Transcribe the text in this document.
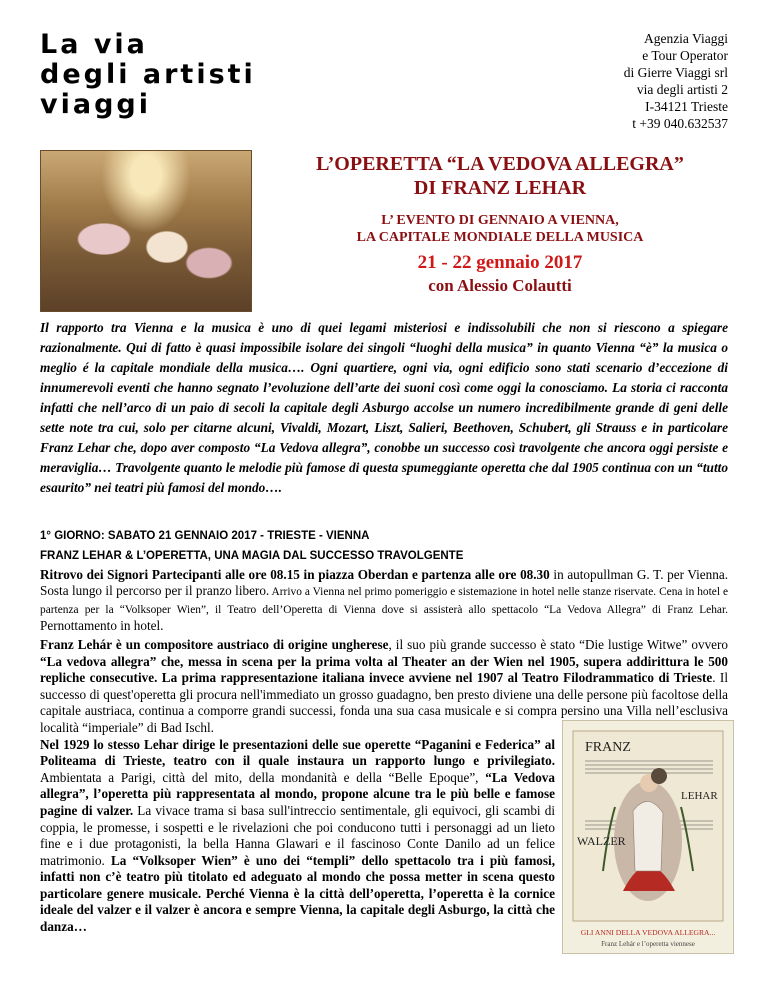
La via
degli artisti
viaggi
Agenzia Viaggi
e Tour Operator
di Gierre Viaggi srl
via degli artisti 2
I-34121 Trieste
t +39 040.632537
L’OPERETTA “LA VEDOVA ALLEGRA”
DI FRANZ LEHAR
L’ EVENTO DI GENNAIO A VIENNA,
LA CAPITALE MONDIALE DELLA MUSICA
21 - 22 gennaio 2017
con Alessio Colautti
Il rapporto tra Vienna e la musica è uno di quei legami misteriosi e indissolubili che non si riescono a spiegare razionalmente. Qui di fatto è quasi impossibile isolare dei singoli “luoghi della musica” in quanto Vienna “è” la musica o meglio é la capitale mondiale della musica…. Ogni quartiere, ogni via, ogni edificio sono stati scenario d’eccezione di innumerevoli eventi che hanno segnato l’evoluzione dell’arte dei suoni così come oggi la conosciamo. La storia ci racconta infatti che nell’arco di un paio di secoli la capitale degli Asburgo accolse un numero incredibilmente grande di geni delle sette note tra cui, solo per citarne alcuni, Vivaldi, Mozart, Liszt, Salieri, Beethoven, Schubert, gli Strauss e in particolare Franz Lehar che, dopo aver composto “La Vedova allegra”, conobbe un successo così travolgente che ancora oggi persiste e meraviglia… Travolgente quanto le melodie più famose di questa spumeggiante operetta che dal 1905 continua con un “tutto esaurito” nei teatri più famosi del mondo….
1° GIORNO: SABATO 21 GENNAIO 2017 - TRIESTE - VIENNA
FRANZ LEHAR & L’OPERETTA, UNA MAGIA DAL SUCCESSO TRAVOLGENTE
Ritrovo dei Signori Partecipanti alle ore 08.15 in piazza Oberdan e partenza alle ore 08.30 in autopullman G. T. per Vienna. Sosta lungo il percorso per il pranzo libero. Arrivo a Vienna nel primo pomeriggio e sistemazione in hotel nelle stanze riservate. Cena in hotel e partenza per la “Volksoper Wien”, il Teatro dell’Operetta di Vienna dove si assisterà allo spettacolo “La Vedova Allegra” di Franz Lehar. Pernottamento in hotel.
Franz Lehár è un compositore austriaco di origine ungherese, il suo più grande successo è stato “Die lustige Witwe” ovvero “La vedova allegra” che, messa in scena per la prima volta al Theater an der Wien nel 1905, supera addirittura le 500 repliche consecutive. La prima rappresentazione italiana invece avviene nel 1907 al Teatro Filodrammatico di Trieste. Il successo di quest'operetta gli procura nell'immediato un grosso guadagno, ben presto diviene una delle persone più facoltose della capitale austriaca, continua a comporre grandi successi, fonda una sua casa musicale e si compra persino una Villa nell’esclusiva località “imperiale” di Bad Ischl.
Nel 1929 lo stesso Lehar dirige le presentazioni delle sue operette “Paganini e Federica” al Politeama di Trieste, teatro con il quale instaura un rapporto lungo e privilegiato. Ambientata a Parigi, città del mito, della mondanità e della “Belle Epoque”, “La Vedova allegra”, l’operetta più rappresentata al mondo, propone alcune tra le più belle e famose pagine di valzer. La vivace trama si basa sull'intreccio sentimentale, gli equivoci, gli scambi di coppia, le promesse, i sospetti e le rivelazioni che poi conducono tutti i personaggi ad un lieto fine e i due protagonisti, la bella Hanna Glawari e il fascinoso Conte Danilo ad un felice matrimonio. La “Volksoper Wien” è uno dei “templi” dello spettacolo tra i più famosi, infatti non c’è teatro più titolato ed adeguato al mondo che possa metter in scena questo particolare genere musicale. Perché Vienna è la città dell’operetta, l’operetta è la cornice ideale del valzer e il valzer è ancora e sempre Vienna, la capitale degli Asburgo, la città che danza…
FRANZ
LEHAR
WALZER
GLI ANNI DELLA VEDOVA ALLEGRA...
Franz Lehár e l’operetta viennese
